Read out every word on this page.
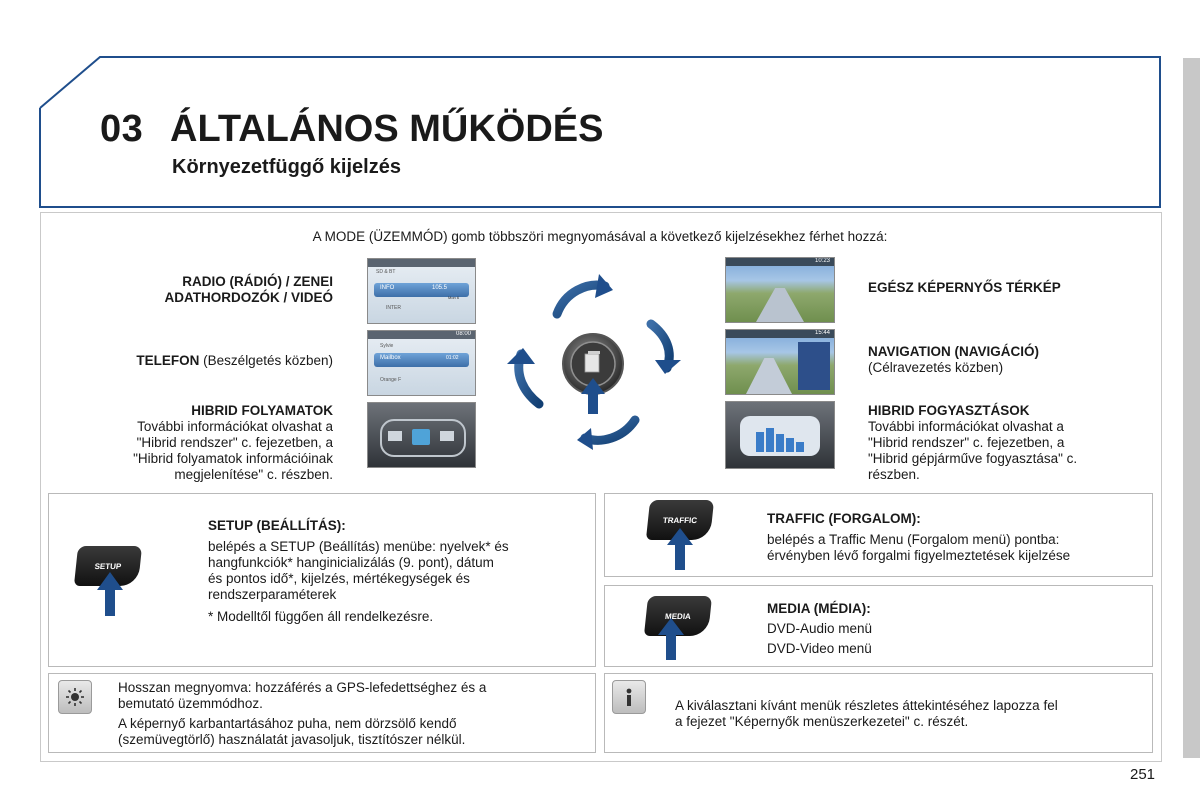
03 ÁLTALÁNOS MŰKÖDÉS
Környezetfüggő kijelzés
A MODE (ÜZEMMÓD) gomb többszöri megnyomásával a következő kijelzésekhez férhet hozzá:
RADIO (RÁDIÓ) / ZENEI
ADATHORDOZÓK / VIDEÓ
TELEFON (Beszélgetés közben)
HIBRID FOLYAMATOK
További információkat olvashat a
"Hibrid rendszer" c. fejezetben, a
"Hibrid folyamatok információinak
megjelenítése" c. részben.
SD & BT
INFO	105.5
Mon 6
INTER
08:00
Sylvie
Mailbox	01:02
Orange F
10:23
15:44
EGÉSZ KÉPERNYŐS TÉRKÉP
NAVIGATION (NAVIGÁCIÓ)
(Célravezetés közben)
HIBRID FOGYASZTÁSOK
További információkat olvashat a
"Hibrid rendszer" c. fejezetben, a
"Hibrid gépjárműve fogyasztása" c.
részben.
SETUP
SETUP (BEÁLLÍTÁS):
belépés a SETUP (Beállítás) menübe: nyelvek* és
hangfunkciók* hanginicializálás (9. pont), dátum
és pontos idő*, kijelzés, mértékegységek és
rendszerparaméterek
* Modelltől függően áll rendelkezésre.
TRAFFIC	TRAFFIC (FORGALOM):
belépés a Traffic Menu (Forgalom menü) pontba:
érvényben lévő forgalmi figyelmeztetések kijelzése
MEDIA	MEDIA (MÉDIA):
DVD-Audio menü
DVD-Video menü
Hosszan megnyomva: hozzáférés a GPS-lefedettséghez és a
bemutató üzemmódhoz.
A képernyő karbantartásához puha, nem dörzsölő kendő
(szemüvegtörlő) használatát javasoljuk, tisztítószer nélkül.
A kiválasztani kívánt menük részletes áttekintéséhez lapozza fel
a fejezet "Képernyők menüszerkezetei" c. részét.
251
